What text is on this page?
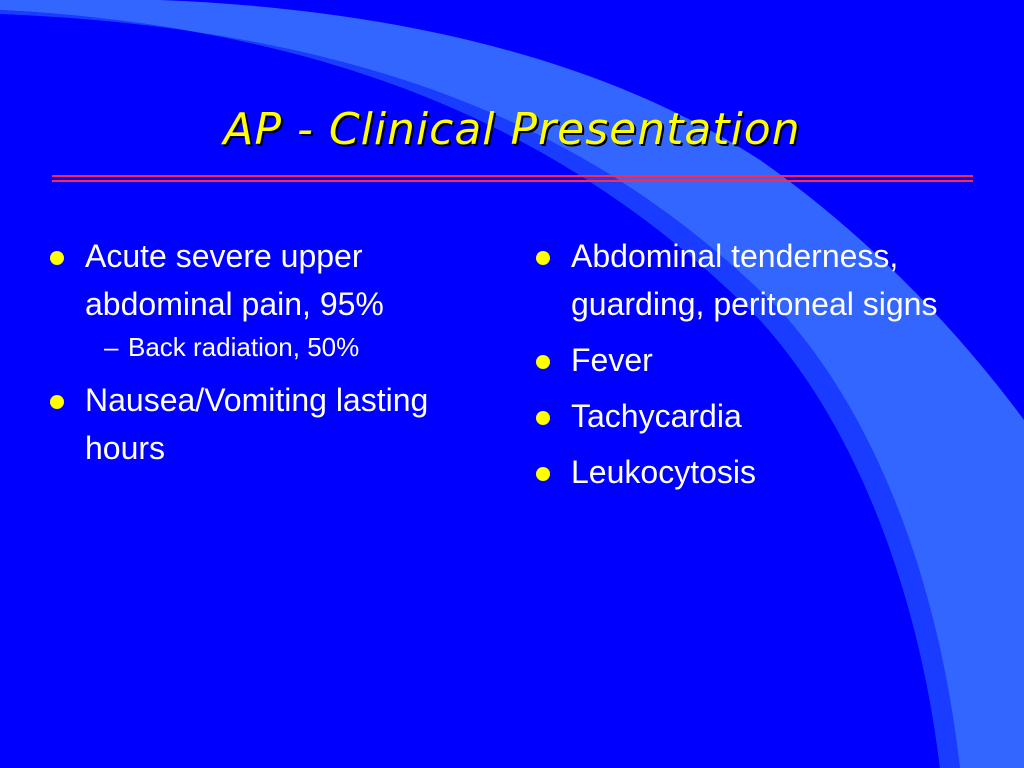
AP - Clinical Presentation
Acute severe upper abdominal pain, 95%
– Back radiation, 50%
Nausea/Vomiting lasting hours
Abdominal tenderness, guarding, peritoneal signs
Fever
Tachycardia
Leukocytosis
